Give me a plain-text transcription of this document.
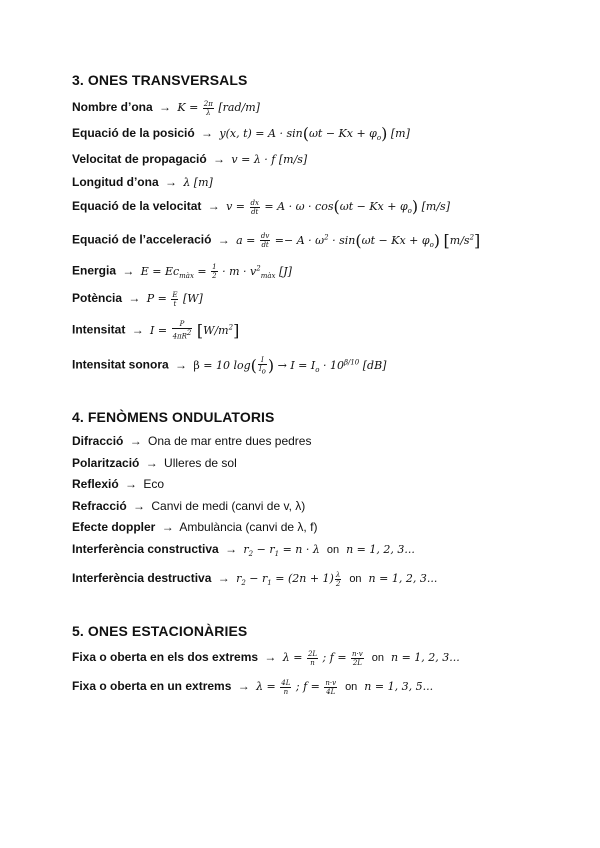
3. ONES TRANSVERSALS
Nombre d’ona → $K = \frac{2\pi}{\lambda} [rad/m]$
Equació de la posició → y(x, $t) = A \cdot \sin(\omega t - Kx + \varphi_o)$ [m]
Velocitat de propagació → v = λ · f [m/s]
Longitud d’ona → λ [m]
Equació de la velocitat → $v = \frac{dx}{dt} = A \cdot \omega \cdot \cos(\omega t - Kx + \varphi_o)$ [m/s]
Equació de l’acceleració → $a = \frac{dv}{dt} =- A \cdot \omega^2 \cdot \sin(\omega t - Kx + \varphi_o)$ $[m/s^2]$
Energia → $E = Ec_{màx} = \frac{1}{2} \cdot m \cdot v^2_{màx}$ [J]
Potència → $P = \frac{E}{t} [W]$
Intensitat → $I = \frac{P}{4\pi R^2} [W/m^2]$
Intensitat sonora → β = 10 $\log( \frac{I}{I_o}$ ) → $I = I_o \cdot 10^{\beta/10}$ [dB]
4. FENÒMENS ONDULATORIS
Difracció → Ona de mar entre dues pedres
Polarització → Ulleres de sol
Reflexió → Eco
Refracció → Canvi de medi (canvi de v, λ)
Efecte doppler → Ambulància (canvi de λ, f)
Interferència constructiva → $r_2 - r_1 = n \cdot \lambda$  on  n = 1, 2, 3...
Interferència destructiva → $r_2 - r_1 = (2n + 1) \frac{\lambda}{2}$ on  n = 1, 2, 3...
5. ONES ESTACIONÀRIES
Fixa o oberta en els dos extrems → $\lambda = \frac{2L}{n}$ ; $f = \frac{n\cdot v}{2L}$ on  n = 1, 2, 3...
Fixa o oberta en un extrems → $\lambda = \frac{4L}{n}$ ; $f = \frac{n\cdot v}{4L}$ on  n = 1, 3, 5...
